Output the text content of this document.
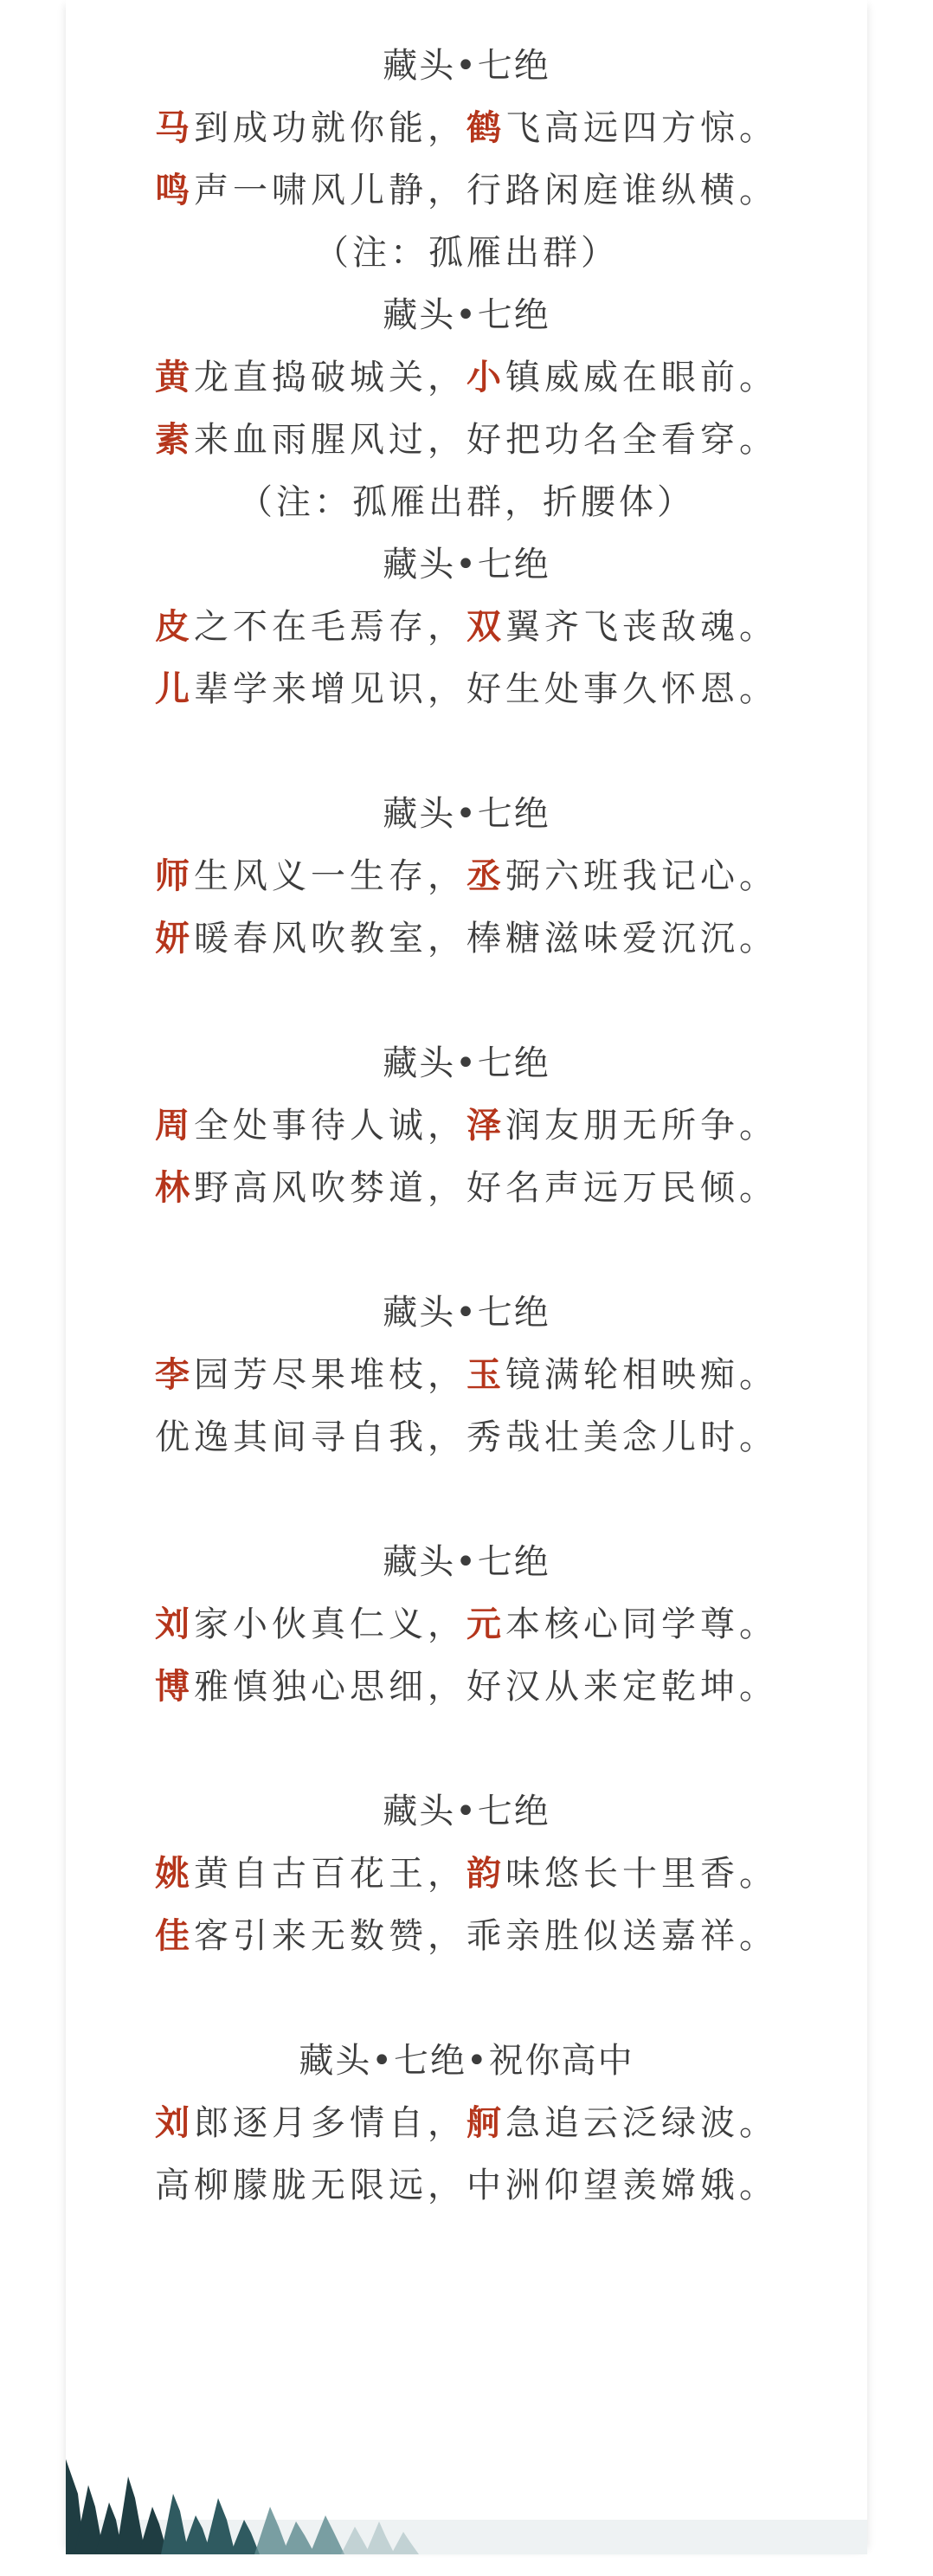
藏头•七绝
马到成功就你能，鹤飞高远四方惊。
鸣声一啸风儿静，行路闲庭谁纵横。
（注：孤雁出群）
藏头•七绝
黄龙直捣破城关，小镇威威在眼前。
素来血雨腥风过，好把功名全看穿。
（注：孤雁出群，折腰体）
藏头•七绝
皮之不在毛焉存，双翼齐飞丧敌魂。
儿辈学来增见识，好生处事久怀恩。
藏头•七绝
师生风义一生存，丞弼六班我记心。
妍暖春风吹教室，棒糖滋味爱沉沉。
藏头•七绝
周全处事待人诚，泽润友朋无所争。
林野高风吹棼道，好名声远万民倾。
藏头•七绝
李园芳尽果堆枝，玉镜满轮相映痴。
优逸其间寻自我，秀哉壮美念儿时。
藏头•七绝
刘家小伙真仁义，元本核心同学尊。
博雅慎独心思细，好汉从来定乾坤。
藏头•七绝
姚黄自古百花王，韵味悠长十里香。
佳客引来无数赞，乖亲胜似送嘉祥。
藏头•七绝•祝你高中
刘郎逐月多情自，舸急追云泛绿波。
高柳朦胧无限远，中洲仰望羡嫦娥。
